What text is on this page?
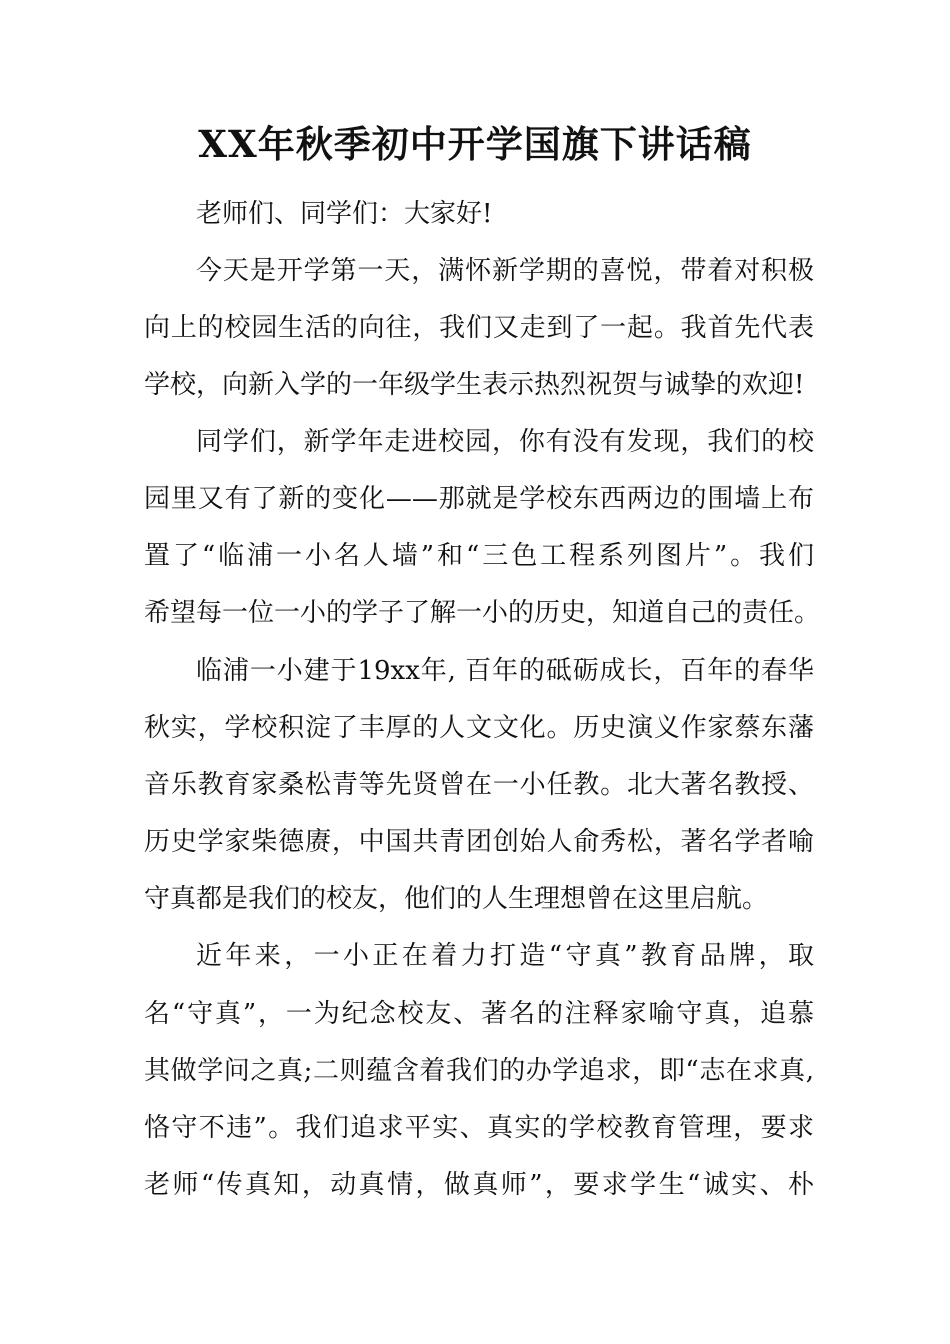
XX年秋季初中开学国旗下讲话稿
老师们、同学们：大家好!
今天是开学第一天，满怀新学期的喜悦，带着对积极
向上的校园生活的向往，我们又走到了一起。我首先代表
学校，向新入学的一年级学生表示热烈祝贺与诚挚的欢迎!
同学们，新学年走进校园，你有没有发现，我们的校
园里又有了新的变化——那就是学校东西两边的围墙上布
置了“临浦一小名人墙”和“三色工程系列图片”。我们
希望每一位一小的学子了解一小的历史，知道自己的责任。
临浦一小建于19xx年, 百年的砥砺成长，百年的春华
秋实，学校积淀了丰厚的人文文化。历史演义作家蔡东藩
音乐教育家桑松青等先贤曾在一小任教。北大著名教授、
历史学家柴德赓，中国共青团创始人俞秀松，著名学者喻
守真都是我们的校友，他们的人生理想曾在这里启航。
近年来，一小正在着力打造“守真”教育品牌，取
名“守真”，一为纪念校友、著名的注释家喻守真，追慕
其做学问之真;二则蕴含着我们的办学追求，即“志在求真,
恪守不违”。我们追求平实、真实的学校教育管理，要求
老师“传真知，动真情，做真师”，要求学生“诚实、朴
